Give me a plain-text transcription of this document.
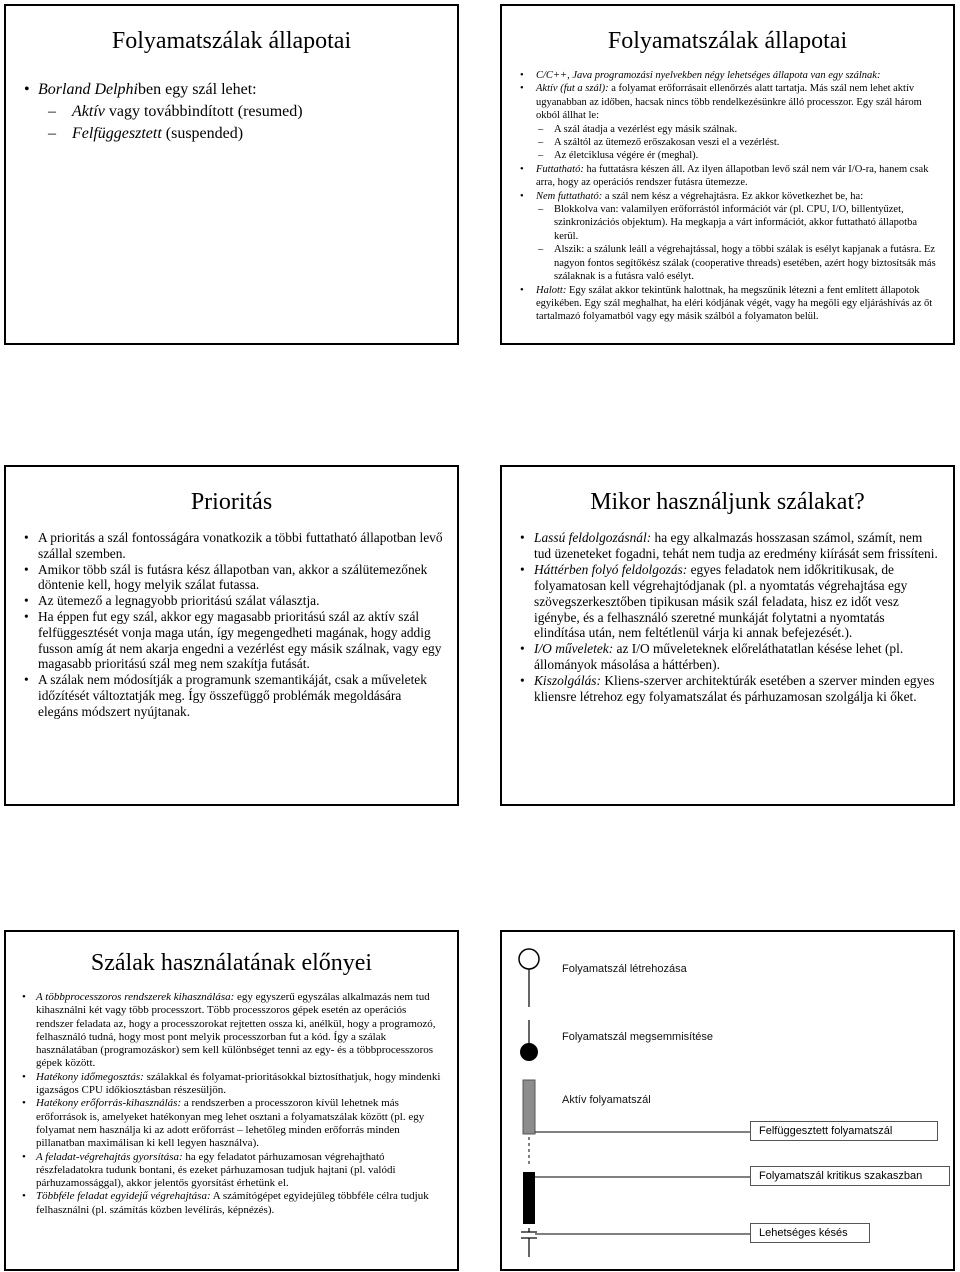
Folyamatszálak állapotai
• Borland Delphiben egy szál lehet:
– Aktív vagy továbbindított (resumed)
– Felfüggesztett (suspended)
Folyamatszálak állapotai
• C/C++, Java programozási nyelvekben négy lehetséges állapota van egy szálnak:
• Aktív (fut a szál): a folyamat erőforrásait ellenőrzés alatt tartatja. Más szál nem lehet aktív ugyanabban az időben, hacsak nincs több rendelkezésünkre álló processzor. Egy szál három okból állhat le:
– A szál átadja a vezérlést egy másik szálnak.
– A száltól az ütemező erőszakosan veszi el a vezérlést.
– Az életciklusa végére ér (meghal).
• Futtatható: ha futtatásra készen áll. Az ilyen állapotban levő szál nem vár I/O-ra, hanem csak arra, hogy az operációs rendszer futásra ütemezze.
• Nem futtatható: a szál nem kész a végrehajtásra. Ez akkor következhet be, ha:
– Blokkolva van: valamilyen erőforrástól információt vár (pl. CPU, I/O, billentyűzet, szinkronizációs objektum). Ha megkapja a várt információt, akkor futtatható állapotba kerül.
– Alszik: a szálunk leáll a végrehajtással, hogy a többi szálak is esélyt kapjanak a futásra. Ez nagyon fontos segítőkész szálak (cooperative threads) esetében, azért hogy biztosítsák más szálaknak is a futásra való esélyt.
• Halott: Egy szálat akkor tekintünk halottnak, ha megszűnik létezni a fent említett állapotok egyikében. Egy szál meghalhat, ha eléri kódjának végét, vagy ha megöli egy eljáráshívás az őt tartalmazó folyamatból vagy egy másik szálból a folyamaton belül.
Prioritás
• A prioritás a szál fontosságára vonatkozik a többi futtatható állapotban levő szállal szemben.
• Amikor több szál is futásra kész állapotban van, akkor a szálütemezőnek döntenie kell, hogy melyik szálat futassa.
• Az ütemező a legnagyobb prioritású szálat választja.
• Ha éppen fut egy szál, akkor egy magasabb prioritású szál az aktív szál felfüggesztését vonja maga után, így megengedheti magának, hogy addig fusson amíg át nem akarja engedni a vezérlést egy másik szálnak, vagy egy magasabb prioritású szál meg nem szakítja futását.
• A szálak nem módosítják a programunk szemantikáját, csak a műveletek időzítését változtatják meg. Így összefüggő problémák megoldására elegáns módszert nyújtanak.
Mikor használjunk szálakat?
• Lassú feldolgozásnál: ha egy alkalmazás hosszasan számol, számít, nem tud üzeneteket fogadni, tehát nem tudja az eredmény kiírását sem frissíteni.
• Háttérben folyó feldolgozás: egyes feladatok nem időkritikusak, de folyamatosan kell végrehajtódjanak (pl. a nyomtatás végrehajtása egy szövegszerkesztőben tipikusan másik szál feladata, hisz ez időt vesz igénybe, és a felhasználó szeretné munkáját folytatni a nyomtatás elindítása után, nem feltétlenül várja ki annak befejezését.).
• I/O műveletek: az I/O műveleteknek előreláthatatlan késése lehet (pl. állományok másolása a háttérben).
• Kiszolgálás: Kliens-szerver architektúrák esetében a szerver minden egyes kliensre létrehoz egy folyamatszálat és párhuzamosan szolgálja ki őket.
Szálak használatának előnyei
• A többprocesszoros rendszerek kihasználása: egy egyszerű egyszálas alkalmazás nem tud kihasználni két vagy több processzort. Több processzoros gépek esetén az operációs rendszer feladata az, hogy a processzorokat rejtetten ossza ki, anélkül, hogy a programozó, felhasználó tudná, hogy most pont melyik processzorban fut a kód. Így a szálak használatában (programozáskor) sem kell különbséget tenni az egy- és a többprocesszoros gépek között.
• Hatékony időmegosztás: szálakkal és folyamat-prioritásokkal biztosíthatjuk, hogy mindenki igazságos CPU időkiosztásban részesüljön.
• Hatékony erőforrás-kihasználás: a rendszerben a processzoron kívül lehetnek más erőforrások is, amelyeket hatékonyan meg lehet osztani a folyamatszálak között (pl. egy folyamat nem használja ki az adott erőforrást – lehetőleg minden erőforrás minden pillanatban maximálisan ki kell legyen használva).
• A feladat-végrehajtás gyorsítása: ha egy feladatot párhuzamosan végrehajtható részfeladatokra tudunk bontani, és ezeket párhuzamosan tudjuk hajtani (pl. valódi párhuzamossággal), akkor jelentős gyorsítást érhetünk el.
• Többféle feladat egyidejű végrehajtása: A számítógépet egyidejűleg többféle célra tudjuk felhasználni (pl. számítás közben levélírás, képnézés).
Folyamatszál létrehozása
Folyamatszál megsemmisítése
Aktív folyamatszál
Felfüggesztett folyamatszál
Folyamatszál kritikus szakaszban
Lehetséges késés
